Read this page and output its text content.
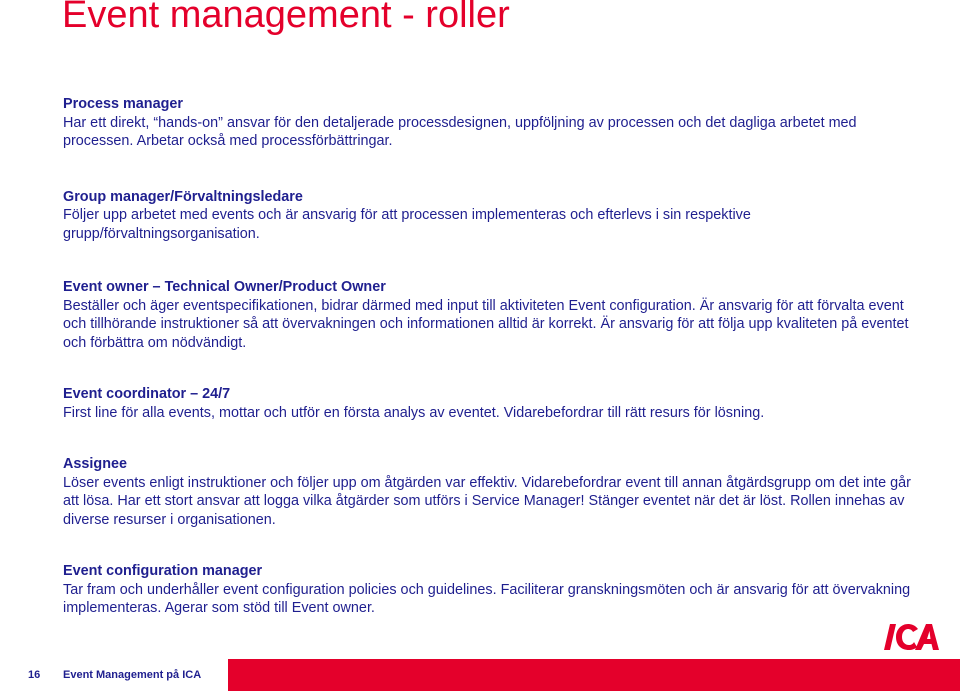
Event management - roller
Process manager
Har ett direkt, “hands-on” ansvar för den detaljerade processdesignen, uppföljning av processen och det dagliga arbetet med processen. Arbetar också med processförbättringar.
Group manager/Förvaltningsledare
Följer upp arbetet med events och är ansvarig för att processen implementeras och efterlevs i sin respektive grupp/förvaltningsorganisation.
Event owner – Technical Owner/Product Owner
Beställer och äger eventspecifikationen, bidrar därmed med input till aktiviteten Event configuration. Är ansvarig för att förvalta event och tillhörande instruktioner så att övervakningen och informationen alltid är korrekt. Är ansvarig för att följa upp kvaliteten på eventet och förbättra om nödvändigt.
Event coordinator – 24/7
First line för alla events, mottar och utför en första analys av eventet. Vidarebefordrar till rätt resurs för lösning.
Assignee
Löser events enligt instruktioner och följer upp om åtgärden var effektiv. Vidarebefordrar event till annan åtgärdsgrupp om det inte går att lösa. Har ett stort ansvar att logga vilka åtgärder som utförs i Service Manager! Stänger eventet när det är löst. Rollen innehas av diverse resurser i organisationen.
Event configuration manager
Tar fram och underhåller event configuration policies och guidelines. Faciliterar granskningsmöten och är ansvarig för att övervakning implementeras. Agerar som stöd till Event owner.
16 Event Management på ICA
